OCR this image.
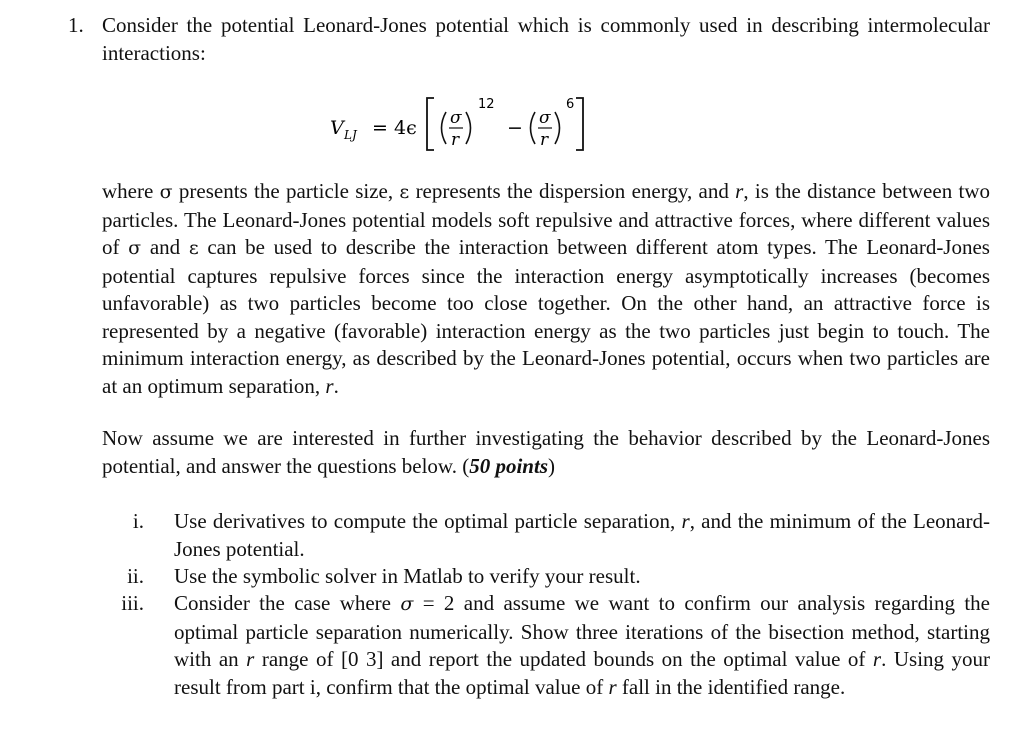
1. Consider the potential Leonard-Jones potential which is commonly used in describing intermolecular interactions:
V LJ = 4ϵ σ
r
12
− σ
r
6

where σ presents the particle size, ε represents the dispersion energy, and r, is the distance between two particles. The Leonard-Jones potential models soft repulsive and attractive forces, where different values of σ and ε can be used to describe the interaction between different atom types. The Leonard-Jones potential captures repulsive forces since the interaction energy asymptotically increases (becomes unfavorable) as two particles become too close together. On the other hand, an attractive force is represented by a negative (favorable) interaction energy as the two particles just begin to touch. The minimum interaction energy, as described by the Leonard-Jones potential, occurs when two particles are at an optimum separation, r.

Now assume we are interested in further investigating the behavior described by the Leonard-Jones potential, and answer the questions below. (50 points)

i. Use derivatives to compute the optimal particle separation, r, and the minimum of the Leonard-Jones potential.
ii. Use the symbolic solver in Matlab to verify your result.
iii. Consider the case where σ = 2 and assume we want to confirm our analysis regarding the optimal particle separation numerically. Show three iterations of the bisection method, starting with an r range of [0 3] and report the updated bounds on the optimal value of r. Using your result from part i, confirm that the optimal value of r fall in the identified range.
